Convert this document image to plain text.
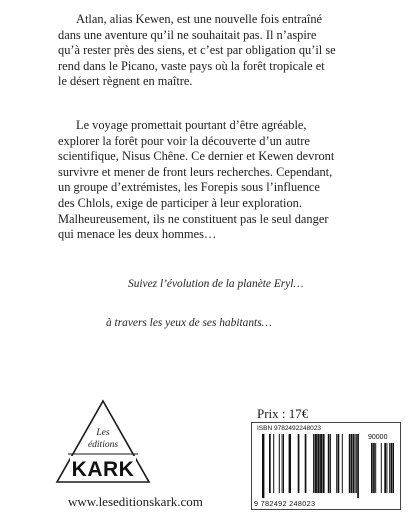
Atlan, alias Kewen, est une nouvelle fois entraîné
dans une aventure qu’il ne souhaitait pas. Il n’aspire
qu’à rester près des siens, et c’est par obligation qu’il se
rend dans le Picano, vaste pays où la forêt tropicale et
le désert règnent en maître.
Le voyage promettait pourtant d’être agréable,
explorer la forêt pour voir la découverte d’un autre
scientifique, Nisus Chêne. Ce dernier et Kewen devront
survivre et mener de front leurs recherches. Cependant,
un groupe d’extrémistes, les Forepis sous l’influence
des Chlols, exige de participer à leur exploration.
Malheureusement, ils ne constituent pas le seul danger
qui menace les deux hommes…
Suivez l’évolution de la planète Eryl…
à travers les yeux de ses habitants…
Les
éditions
KARK
www.leseditionskark.com
Prix : 17€
ISBN 9782492248023
90000
9 782492 248023
